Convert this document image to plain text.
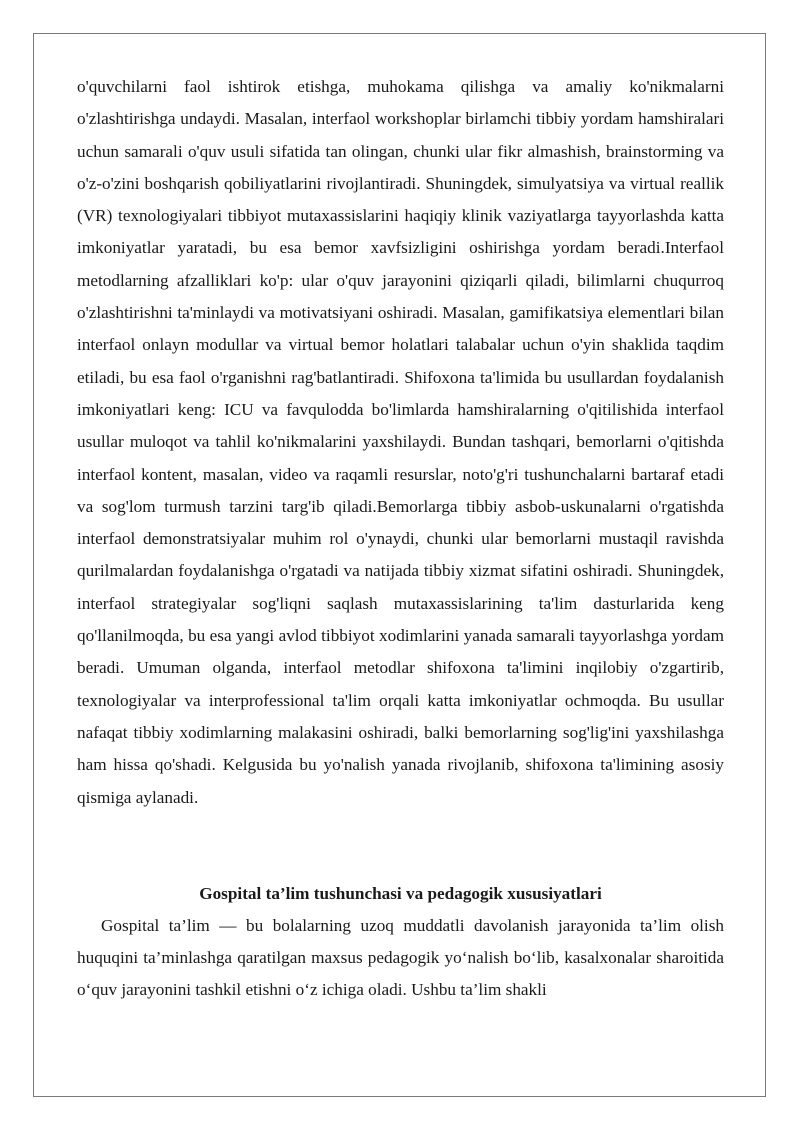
o'quvchilarni faol ishtirok etishga, muhokama qilishga va amaliy ko'nikmalarni o'zlashtirishga undaydi. Masalan, interfaol workshoplar birlamchi tibbiy yordam hamshiralari uchun samarali o'quv usuli sifatida tan olingan, chunki ular fikr almashish, brainstorming va o'z-o'zini boshqarish qobiliyatlarini rivojlantiradi. Shuningdek, simulyatsiya va virtual reallik (VR) texnologiyalari tibbiyot mutaxassislarini haqiqiy klinik vaziyatlarga tayyorlashda katta imkoniyatlar yaratadi, bu esa bemor xavfsizligini oshirishga yordam beradi.Interfaol metodlarning afzalliklari ko'p: ular o'quv jarayonini qiziqarli qiladi, bilimlarni chuqurroq o'zlashtirishni ta'minlaydi va motivatsiyani oshiradi. Masalan, gamifikatsiya elementlari bilan interfaol onlayn modullar va virtual bemor holatlari talabalar uchun o'yin shaklida taqdim etiladi, bu esa faol o'rganishni rag'batlantiradi. Shifoxona ta'limida bu usullardan foydalanish imkoniyatlari keng: ICU va favqulodda bo'limlarda hamshiralarning o'qitilishida interfaol usullar muloqot va tahlil ko'nikmalarini yaxshilaydi. Bundan tashqari, bemorlarni o'qitishda interfaol kontent, masalan, video va raqamli resurslar, noto'g'ri tushunchalarni bartaraf etadi va sog'lom turmush tarzini targ'ib qiladi.Bemorlarga tibbiy asbob-uskunalarni o'rgatishda interfaol demonstratsiyalar muhim rol o'ynaydi, chunki ular bemorlarni mustaqil ravishda qurilmalardan foydalanishga o'rgatadi va natijada tibbiy xizmat sifatini oshiradi. Shuningdek, interfaol strategiyalar sog'liqni saqlash mutaxassislarining ta'lim dasturlarida keng qo'llanilmoqda, bu esa yangi avlod tibbiyot xodimlarini yanada samarali tayyorlashga yordam beradi. Umuman olganda, interfaol metodlar shifoxona ta'limini inqilobiy o'zgartirib, texnologiyalar va interprofessional ta'lim orqali katta imkoniyatlar ochmoqda. Bu usullar nafaqat tibbiy xodimlarning malakasini oshiradi, balki bemorlarning sog'lig'ini yaxshilashga ham hissa qo'shadi. Kelgusida bu yo'nalish yanada rivojlanib, shifoxona ta'limining asosiy qismiga aylanadi.

Gospital ta’lim tushunchasi va pedagogik xususiyatlari

Gospital ta’lim — bu bolalarning uzoq muddatli davolanish jarayonida ta’lim olish huquqini ta’minlashga qaratilgan maxsus pedagogik yo‘nalish bo‘lib, kasalxonalar sharoitida o‘quv jarayonini tashkil etishni o‘z ichiga oladi. Ushbu ta’lim shakli
